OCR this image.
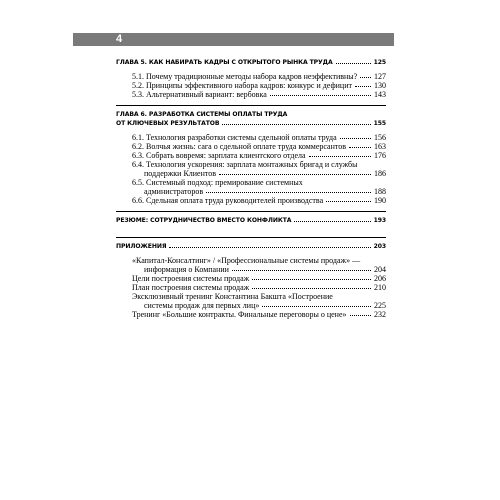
4
ГЛАВА 5. КАК НАБИРАТЬ КАДРЫ С ОТКРЫТОГО РЫНКА ТРУДА	125
5.1. Почему традиционные методы набора кадров неэффективны? 127
5.2. Принципы эффективного набора кадров: конкурс и дефицит	130
5.3. Альтернативный вариант: вербовка	143
ГЛАВА 6. РАЗРАБОТКА СИСТЕМЫ ОПЛАТЫ ТРУДА
ОТ КЛЮЧЕВЫХ РЕЗУЛЬТАТОВ	155
6.1. Технология разработки системы сдельной оплаты труда	156
6.2. Волчья жизнь: сага о сдельной оплате труда коммерсантов	163
6.3. Собрать вовремя: зарплата клиентского отдела	176
6.4. Технология ускорения: зарплата монтажных бригад и службы
поддержки Клиентов	186
6.5. Системный подход: премирование системных
администраторов	188
6.6. Сдельная оплата труда руководителей производства	190
РЕЗЮМЕ: СОТРУДНИЧЕСТВО ВМЕСТО КОНФЛИКТА	193
ПРИЛОЖЕНИЯ	203
«Капитал-Консалтинг» / «Профессиональные системы продаж» —
информация о Компании	204
Цели построения системы продаж	206
План построения системы продаж	210
Эксклюзивный тренинг Константина Бакшта «Построение
системы продаж для первых лиц»	225
Тренинг «Большие контракты. Финальные переговоры о цене»	232
